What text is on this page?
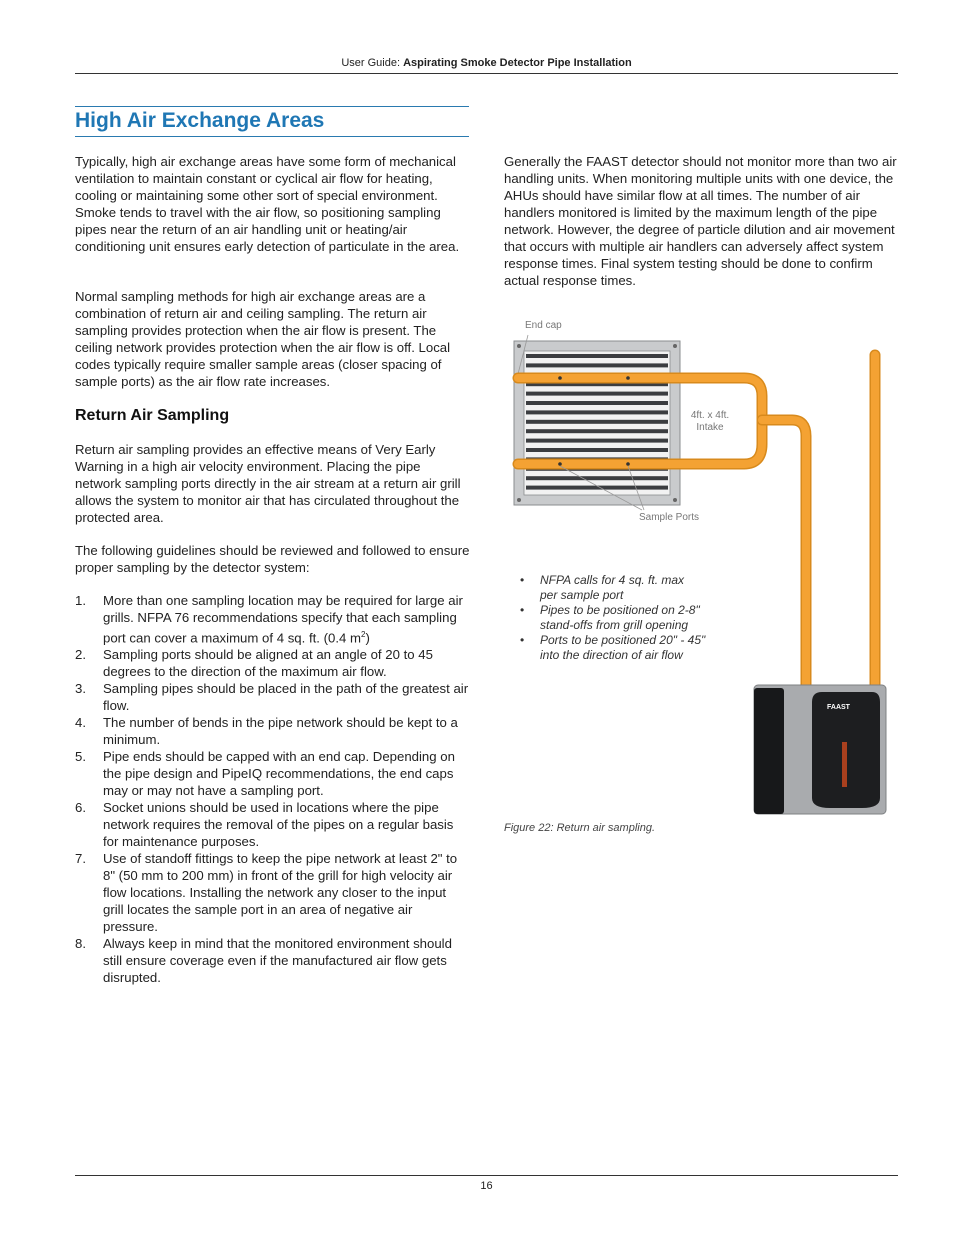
User Guide: Aspirating Smoke Detector Pipe Installation
High Air Exchange Areas

Typically, high air exchange areas have some form of mechanical ventilation to maintain constant or cyclical air flow for heating, cooling or maintaining some other sort of special environment. Smoke tends to travel with the air flow, so positioning sampling pipes near the return of an air handling unit or heating/air conditioning unit ensures early detection of particulate in the area.

Normal sampling methods for high air exchange areas are a combination of return air and ceiling sampling. The return air sampling provides protection when the air flow is present. The ceiling network provides protection when the air flow is off. Local codes typically require smaller sample areas (closer spacing of sample ports) as the air flow rate increases.

Return Air Sampling

Return air sampling provides an effective means of Very Early Warning in a high air velocity environment. Placing the pipe network sampling ports directly in the air stream at a return air grill allows the system to monitor air that has circulated throughout the protected area.

The following guidelines should be reviewed and followed to ensure proper sampling by the detector system:

1. More than one sampling location may be required for large air grills. NFPA 76 recommendations specify that each sampling port can cover a maximum of 4 sq. ft. (0.4 $m^2$)
2. Sampling ports should be aligned at an angle of 20 to 45 degrees to the direction of the maximum air flow.
3. Sampling pipes should be placed in the path of the greatest air flow.
4. The number of bends in the pipe network should be kept to a minimum.
5. Pipe ends should be capped with an end cap. Depending on the pipe design and PipeIQ recommendations, the end caps may or may not have a sampling port.
6. Socket unions should be used in locations where the pipe network requires the removal of the pipes on a regular basis for maintenance purposes.
7. Use of standoff fittings to keep the pipe network at least 2" to 8" (50 mm to 200 mm) in front of the grill for high velocity air flow locations. Installing the network any closer to the input grill locates the sample port in an area of negative air pressure.
8. Always keep in mind that the monitored environment should still ensure coverage even if the manufactured air flow gets disrupted.

Generally the FAAST detector should not monitor more than two air handling units. When monitoring multiple units with one device, the AHUs should have similar flow at all times. The number of air handlers monitored is limited by the maximum length of the pipe network. However, the degree of particle dilution and air movement that occurs with multiple air handlers can adversely affect system response times. Final system testing should be done to confirm actual response times.

FAAST
End cap
4ft. x 4ft.
Intake
Sample Ports
• NFPA calls for 4 sq. ft. max
per sample port
• Pipes to be positioned on 2-8"
stand-offs from grill opening
• Ports to be positioned 20" - 45"
into the direction of air flow
Figure 22: Return air sampling.
16
